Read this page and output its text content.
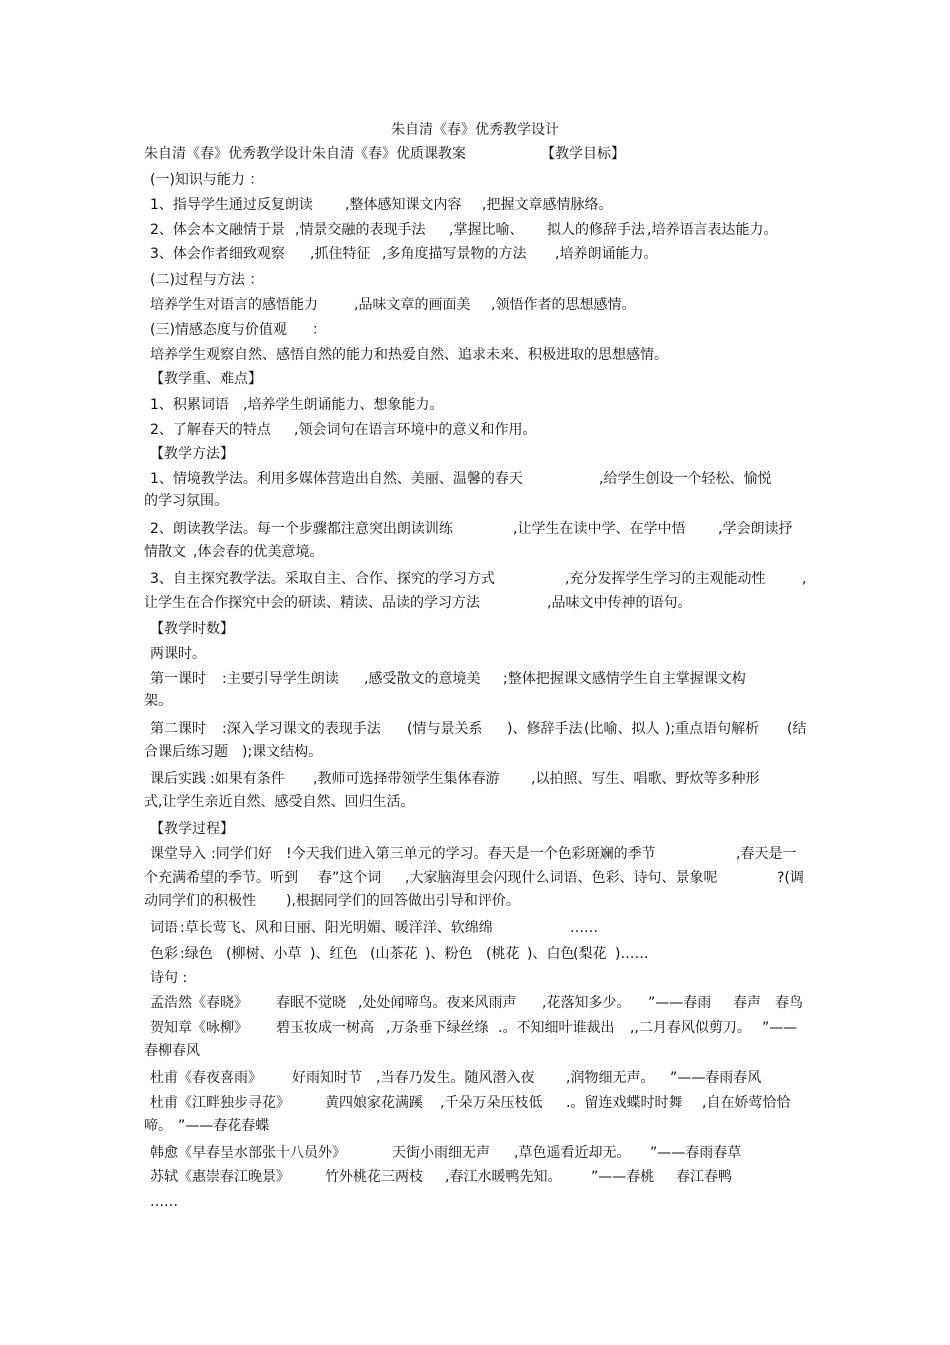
朱自清《春》优秀教学设计
朱自清《春》优秀教学设计朱自清《春》优质课教案	【教学目标】
(一)知识与能力 ：
1、指导学生通过反复朗读 ,整体感知课文内容 ,把握文章感情脉络。
2、体会本文融情于景 ,情景交融的表现手法 ,掌握比喻、 拟人的修辞手法 ,培养语言表达能力。
3、体会作者细致观察 ,抓住特征 ,多角度描写景物的方法 ,培养朗诵能力。
(二)过程与方法 ：
培养学生对语言的感悟能力	,品味文章的画面美 ,领悟作者的思想感情。
(三)情感态度与价值观 ：
培养学生观察自然、感悟自然的能力和热爱自然、追求未来、积极进取的思想感情。
【教学重、难点】
1、积累词语 ,培养学生朗诵能力、想象能力。
2、了解春天的特点 ,领会词句在语言环境中的意义和作用。
【教学方法】
1、情境教学法。利用多媒体营造出自然、美丽、温馨的春天	,给学生创设一个轻松、愉悦
的学习氛围。
2、朗读教学法。每一个步骤都注意突出朗读训练	,让学生在读中学、在学中悟 ,学会朗读抒
情散文 ,体会春的优美意境。
3、自主探究教学法。采取自主、合作、探究的学习方式	,充分发挥学生学习的主观能动性	,
让学生在合作探究中会的研读、精读、品读的学习方法	,品味文中传神的语句。
【教学时数】
两课时。
第一课时 :主要引导学生朗读 ,感受散文的意境美 ;整体把握课文感情学生自主掌握课文构
架。
第二课时 :深入学习课文的表现手法 (情与景关系 )、修辞手法 (比喻、拟人 );重点语句解析 (结
合课后练习题 );课文结构。
课后实践 :如果有条件 ,教师可选择带领学生集体春游 ,以拍照、写生、唱歌、野炊等多种形
式,让学生亲近自然、感受自然、回归生活。
【教学过程】
课堂导入 :同学们好 !今天我们进入第三单元的学习。春天是一个色彩斑斓的季节	,春天是一
个充满希望的季节。听到 春”这个词 ,大家脑海里会闪现什么词语、色彩、诗句、景象呢	?(调
动同学们的积极性 ),根据同学们的回答做出引导和评价。
词语 :草长莺飞、风和日丽、阳光明媚、暖洋洋、软绵绵	……
色彩 :绿色 (柳树、小草 )、红色 (山茶花 )、粉色 (桃花 )、白色
(梨花 )……
诗句 :
孟浩然《春晓》 春眠不觉晓 ,处处闻啼鸟。夜来风雨声 ,花落知多少。 ”——春雨 春声 春鸟
贺知章《咏柳》 碧玉妆成一树高 ,万条垂下绿丝绦 .。不知细叶谁裁出 ,,二月春风似剪刀。 ”——
春柳春风
杜甫《春夜喜雨》 好雨知时节 ,当春乃发生。随风潜入夜 ,润物细无声。 ”——春雨春风
杜甫《江畔独步寻花》	黄四娘家花满蹊 ,千朵万朵压枝低 .。留连戏蝶时时舞 ,自在娇莺恰恰
啼。 ”——春花春蝶
韩愈《早春呈水部张十八员外》	天街小雨细无声 ,草色遥看近却无。 ”——春雨春草
苏轼《惠崇春江晚景》	竹外桃花三两枝 ,春江水暖鸭先知。 ”——春桃 春江春鸭
……
